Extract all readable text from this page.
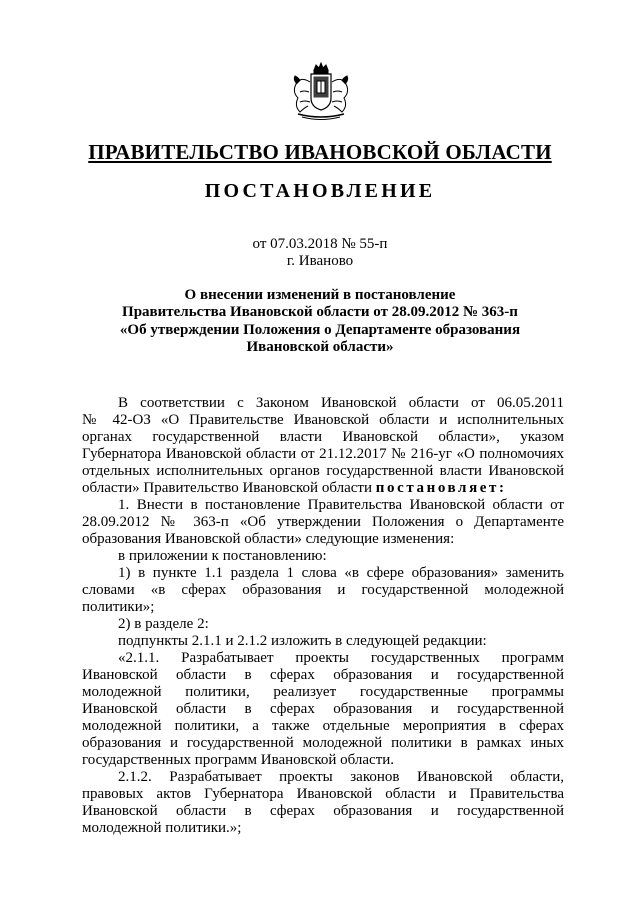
ПРАВИТЕЛЬСТВО ИВАНОВСКОЙ ОБЛАСТИ
ПОСТАНОВЛЕНИЕ
от 07.03.2018 № 55-п
г. Иваново
О внесении изменений в постановление
Правительства Ивановской области от 28.09.2012 № 363-п
«Об утверждении Положения о Департаменте образования
Ивановской области»
В соответствии с Законом Ивановской области от 06.05.2011
№ 42-ОЗ «О Правительстве Ивановской области и исполнительных
органах государственной власти Ивановской области», указом
Губернатора Ивановской области от 21.12.2017 № 216-уг «О полномочиях
отдельных исполнительных органов государственной власти Ивановской
области» Правительство Ивановской области постановляет:
1. Внести в постановление Правительства Ивановской области от
28.09.2012 № 363-п «Об утверждении Положения о Департаменте
образования Ивановской области» следующие изменения:
в приложении к постановлению:
1) в пункте 1.1 раздела 1 слова «в сфере образования» заменить
словами «в сферах образования и государственной молодежной
политики»;
2) в разделе 2:
подпункты 2.1.1 и 2.1.2 изложить в следующей редакции:
«2.1.1. Разрабатывает проекты государственных программ
Ивановской области в сферах образования и государственной
молодежной политики, реализует государственные программы
Ивановской области в сферах образования и государственной
молодежной политики, а также отдельные мероприятия в сферах
образования и государственной молодежной политики в рамках иных
государственных программ Ивановской области.
2.1.2. Разрабатывает проекты законов Ивановской области,
правовых актов Губернатора Ивановской области и Правительства
Ивановской области в сферах образования и государственной
молодежной политики.»;
